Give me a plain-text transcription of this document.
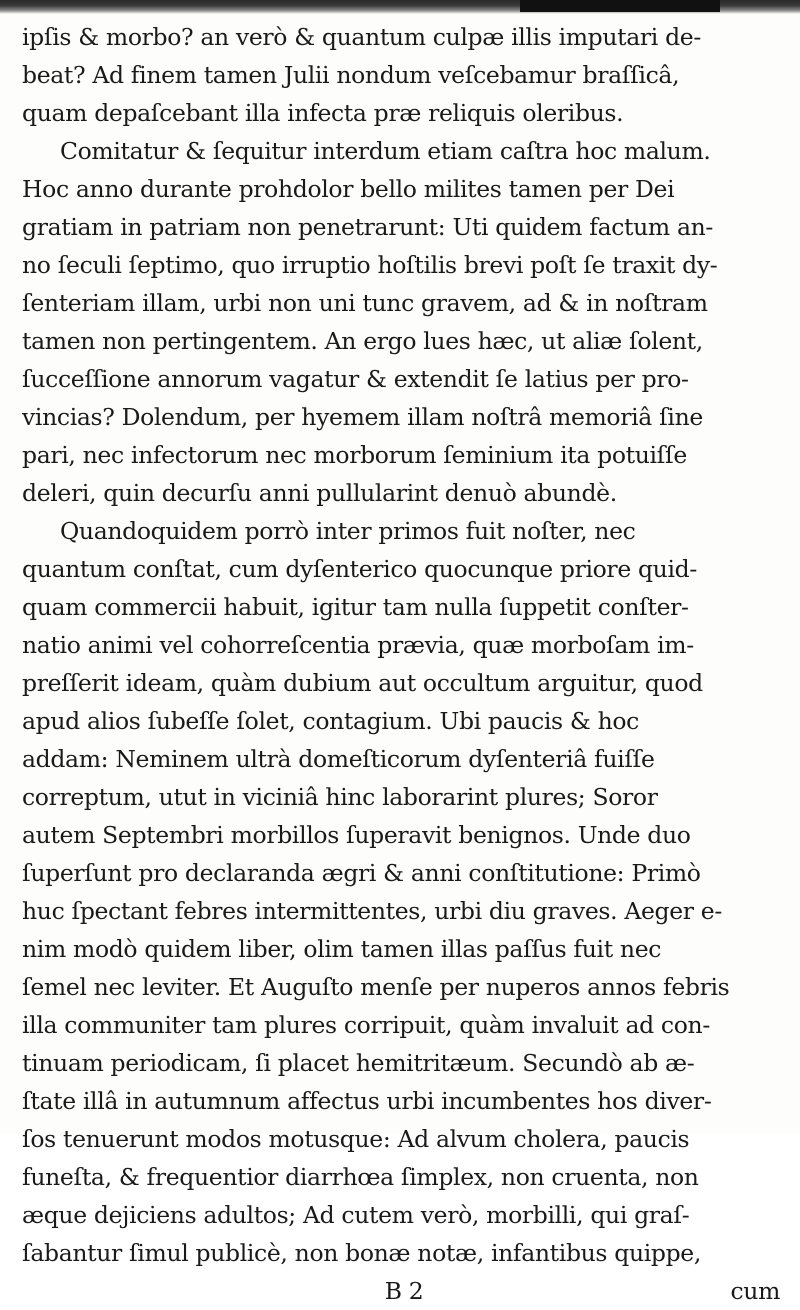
ipſis & morbo? an verò & quantum culpæ illis imputari de-
beat? Ad finem tamen Julii nondum veſcebamur braſſicâ,
quam depaſcebant illa infecta præ reliquis oleribus.
Comitatur & ſequitur interdum etiam caſtra hoc malum.
Hoc anno durante prohdolor bello milites tamen per Dei
gratiam in patriam non penetrarunt: Uti quidem factum an-
no ſeculi ſeptimo, quo irruptio hoſtilis brevi poſt ſe traxit dy-
ſenteriam illam, urbi non uni tunc gravem, ad & in noſtram
tamen non pertingentem. An ergo lues hæc, ut aliæ ſolent,
ſucceſſione annorum vagatur & extendit ſe latius per pro-
vincias? Dolendum, per hyemem illam noſtrâ memoriâ ſine
pari, nec infectorum nec morborum ſeminium ita potuiſſe
deleri, quin decurſu anni pullularint denuò abundè.
Quandoquidem porrò inter primos fuit noſter, nec
quantum conſtat, cum dyſenterico quocunque priore quid-
quam commercii habuit, igitur tam nulla ſuppetit conſter-
natio animi vel cohorreſcentia prævia, quæ morboſam im-
preſſerit ideam, quàm dubium aut occultum arguitur, quod
apud alios ſubeſſe ſolet, contagium. Ubi paucis & hoc
addam: Neminem ultrà domeſticorum dyſenteriâ fuiſſe
correptum, utut in viciniâ hinc laborarint plures; Soror
autem Septembri morbillos ſuperavit benignos. Unde duo
ſuperſunt pro declaranda ægri & anni conſtitutione: Primò
huc ſpectant febres intermittentes, urbi diu graves. Aeger e-
nim modò quidem liber, olim tamen illas paſſus fuit nec
ſemel nec leviter. Et Auguſto menſe per nuperos annos febris
illa communiter tam plures corripuit, quàm invaluit ad con-
tinuam periodicam, ſi placet hemitritæum. Secundò ab æ-
ſtate illâ in autumnum affectus urbi incumbentes hos diver-
ſos tenuerunt modos motusque: Ad alvum cholera, paucis
funeſta, & frequentior diarrhœa ſimplex, non cruenta, non
æque dejiciens adultos; Ad cutem verò, morbilli, qui graſ-
ſabantur ſimul publicè, non bonæ notæ, infantibus quippe,
B 2	cum
